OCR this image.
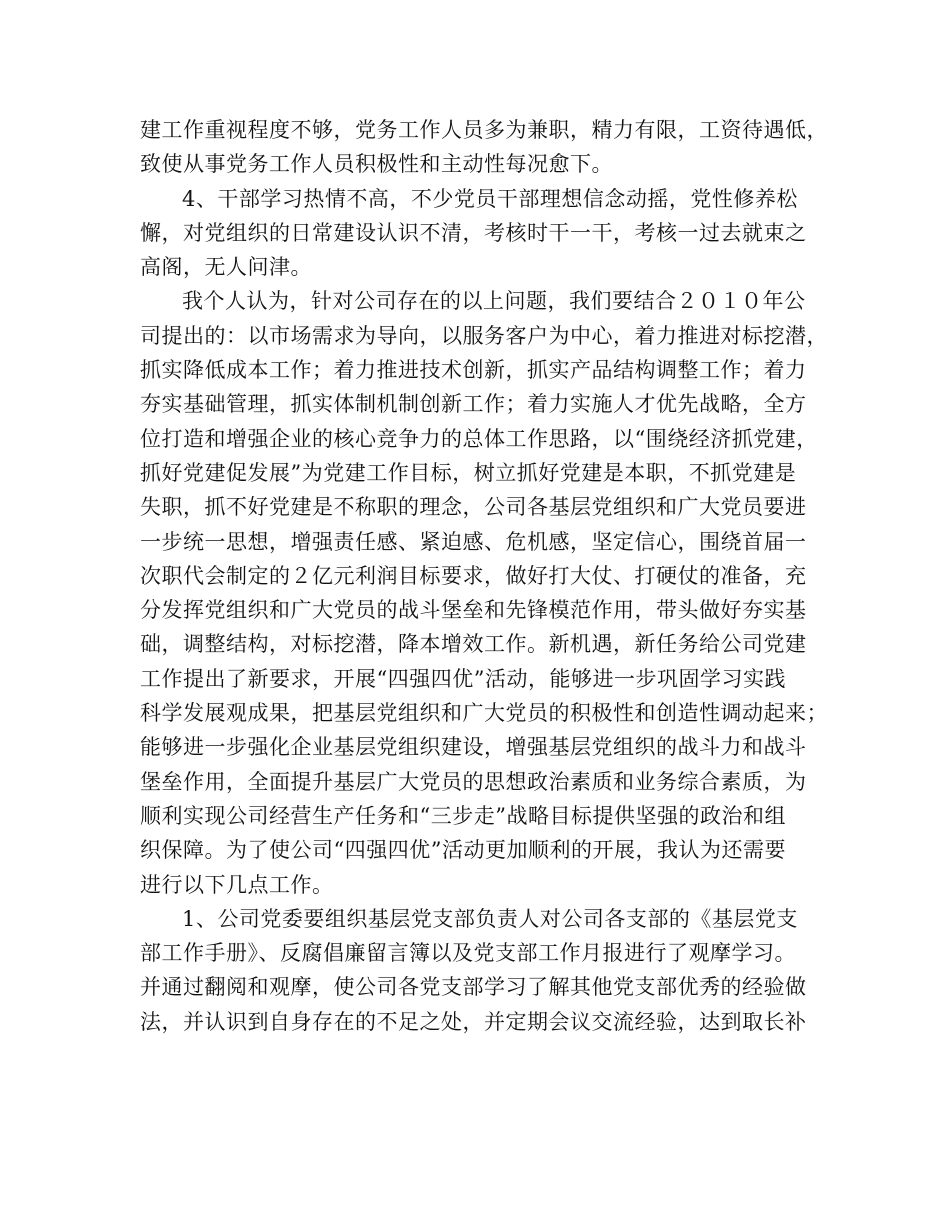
建工作重视程度不够，党务工作人员多为兼职，精力有限，工资待遇低，
致使从事党务工作人员积极性和主动性每况愈下。
4、干部学习热情不高，不少党员干部理想信念动摇，党性修养松
懈，对党组织的日常建设认识不清，考核时干一干，考核一过去就束之
高阁，无人问津。
我个人认为，针对公司存在的以上问题，我们要结合２０１０年公
司提出的：以市场需求为导向，以服务客户为中心，着力推进对标挖潜，
抓实降低成本工作；着力推进技术创新，抓实产品结构调整工作；着力
夯实基础管理，抓实体制机制创新工作；着力实施人才优先战略，全方
位打造和增强企业的核心竞争力的总体工作思路，以“围绕经济抓党建，
抓好党建促发展”为党建工作目标，树立抓好党建是本职，不抓党建是
失职，抓不好党建是不称职的理念，公司各基层党组织和广大党员要进
一步统一思想，增强责任感、紧迫感、危机感，坚定信心，围绕首届一
次职代会制定的２亿元利润目标要求，做好打大仗、打硬仗的准备，充
分发挥党组织和广大党员的战斗堡垒和先锋模范作用，带头做好夯实基
础，调整结构，对标挖潜，降本增效工作。新机遇，新任务给公司党建
工作提出了新要求，开展“四强四优”活动，能够进一步巩固学习实践
科学发展观成果，把基层党组织和广大党员的积极性和创造性调动起来；
能够进一步强化企业基层党组织建设，增强基层党组织的战斗力和战斗
堡垒作用，全面提升基层广大党员的思想政治素质和业务综合素质，为
顺利实现公司经营生产任务和“三步走”战略目标提供坚强的政治和组
织保障。为了使公司“四强四优”活动更加顺利的开展，我认为还需要
进行以下几点工作。
1、公司党委要组织基层党支部负责人对公司各支部的《基层党支
部工作手册》、反腐倡廉留言簿以及党支部工作月报进行了观摩学习。
并通过翻阅和观摩，使公司各党支部学习了解其他党支部优秀的经验做
法，并认识到自身存在的不足之处，并定期会议交流经验，达到取长补
